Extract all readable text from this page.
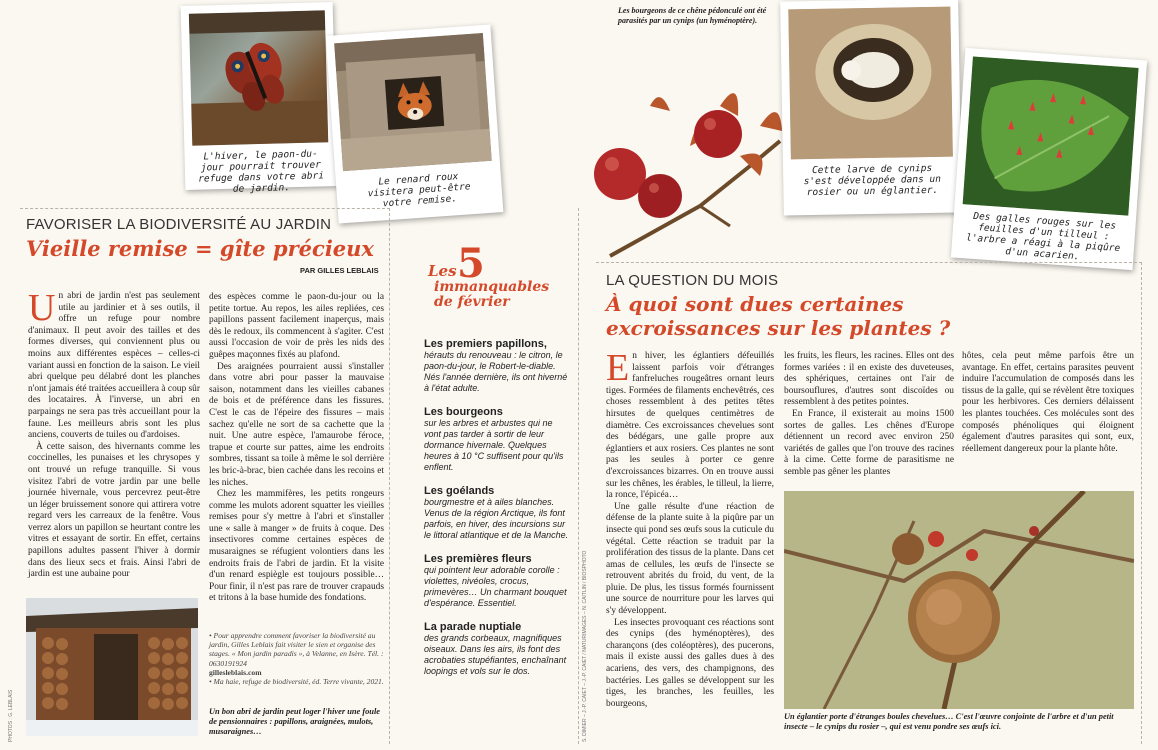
L'hiver, le paon-du-jour pourrait trouver refuge dans votre abri de jardin.
Le renard roux visitera peut-être votre remise.
FAVORISER LA BIODIVERSITÉ AU JARDIN
Vieille remise = gîte précieux
PAR GILLES LEBLAIS

Un abri de jardin n'est pas seulement utile au jardinier et à ses outils, il offre un refuge pour nombre d'animaux. Il peut avoir des tailles et des formes diverses, qui conviennent plus ou moins aux différentes espèces – celles-ci variant aussi en fonction de la saison. Le vieil abri quelque peu délabré dont les planches n'ont jamais été traitées accueillera à coup sûr des locataires. À l'inverse, un abri en parpaings ne sera pas très accueillant pour la faune. Les meilleurs abris sont les plus anciens, couverts de tuiles ou d'ardoises.

À cette saison, des hivernants comme les coccinelles, les punaises et les chrysopes y ont trouvé un refuge tranquille. Si vous visitez l'abri de votre jardin par une belle journée hivernale, vous percevrez peut-être un léger bruissement sonore qui attirera votre regard vers les carreaux de la fenêtre. Vous verrez alors un papillon se heurtant contre les vitres et essayant de sortir. En effet, certains papillons adultes passent l'hiver à dormir dans des lieux secs et frais. Ainsi l'abri de jardin est une aubaine pour

des espèces comme le paon-du-jour ou la petite tortue. Au repos, les ailes repliées, ces papillons passent facilement inaperçus, mais dès le redoux, ils commencent à s'agiter. C'est aussi l'occasion de voir de près les nids des guêpes maçonnes fixés au plafond.

Des araignées pourraient aussi s'installer dans votre abri pour passer la mauvaise saison, notamment dans les vieilles cabanes de bois et de préférence dans les fissures. C'est le cas de l'épeire des fissures – mais sachez qu'elle ne sort de sa cachette que la nuit. Une autre espèce, l'amaurobe féroce, trapue et courte sur pattes, aime les endroits sombres, tissant sa toile à même le sol derrière les bric-à-brac, bien cachée dans les recoins et les niches.

Chez les mammifères, les petits rongeurs comme les mulots adorent squatter les vieilles remises pour s'y mettre à l'abri et s'installer une « salle à manger » de fruits à coque. Des insectivores comme certaines espèces de musaraignes se réfugient volontiers dans les endroits frais de l'abri de jardin. Et la visite d'un renard espiègle est toujours possible… Pour finir, il n'est pas rare de trouver crapauds et tritons à la base humide des fondations.

• Pour apprendre comment favoriser la biodiversité au jardin, Gilles Leblais fait visiter le sien et organise des stages. « Mon jardin paradis », à Velanne, en Isère. Tél. : 0630191924
gillesleblais.com
• Ma haie, refuge de biodiversité, éd. Terre vivante, 2021.
Un bon abri de jardin peut loger l'hiver une foule de pensionnaires : papillons, araignées, mulots, musaraignes…
PHOTOS : G. LEBLAIS
Les 5
immanquables de février
Les premiers papillons,
hérauts du renouveau : le citron, le paon-du-jour, le Robert-le-diable. Nés l'année dernière, ils ont hiverné à l'état adulte.
Les bourgeons
sur les arbres et arbustes qui ne vont pas tarder à sortir de leur dormance hivernale. Quelques heures à 10 °C suffisent pour qu'ils enflent.
Les goélands
bourgmestre et à ailes blanches. Venus de la région Arctique, ils font parfois, en hiver, des incursions sur le littoral atlantique et de la Manche.
Les premières fleurs
qui pointent leur adorable corolle : violettes, nivéoles, crocus, primevères… Un charmant bouquet d'espérance. Essentiel.
La parade nuptiale
des grands corbeaux, magnifiques oiseaux. Dans les airs, ils font des acrobaties stupéfiantes, enchaînant loopings et vols sur le dos.
Les bourgeons de ce chêne pédonculé ont été parasités par un cynips (un hyménoptère).
Cette larve de cynips s'est développée dans un rosier ou un églantier.
Des galles rouges sur les feuilles d'un tilleul : l'arbre a réagi à la piqûre d'un acarien.
LA QUESTION DU MOIS
À quoi sont dues certaines
excroissances sur les plantes ?

En hiver, les églantiers défeuillés laissent parfois voir d'étranges fanfreluches rougeâtres ornant leurs tiges. Formées de filaments enchevêtrés, ces choses ressemblent à des petites têtes hirsutes de quelques centimètres de diamètre. Ces excroissances chevelues sont des bédégars, une galle propre aux églantiers et aux rosiers. Ces plantes ne sont pas les seules à porter ce genre d'excroissances bizarres. On en trouve aussi sur les chênes, les érables, le tilleul, la lierre, la ronce, l'épicéa…

Une galle résulte d'une réaction de défense de la plante suite à la piqûre par un insecte qui pond ses œufs sous la cuticule du végétal. Cette réaction se traduit par la prolifération des tissus de la plante. Dans cet amas de cellules, les œufs de l'insecte se retrouvent abrités du froid, du vent, de la pluie. De plus, les tissus formés fournissent une source de nourriture pour les larves qui s'y développent.

Les insectes provoquant ces réactions sont des cynips (des hyménoptères), des charançons (des coléoptères), des pucerons, mais il existe aussi des galles dues à des acariens, des vers, des champignons, des bactéries. Les galles se développent sur les tiges, les branches, les feuilles, les bourgeons,

les fruits, les fleurs, les racines. Elles ont des formes variées : il en existe des duveteuses, des sphériques, certaines ont l'air de boursouflures, d'autres sont discoïdes ou ressemblent à des petites pointes.

En France, il existerait au moins 1500 sortes de galles. Les chênes d'Europe détiennent un record avec environ 250 variétés de galles que l'on trouve des racines à la cime. Cette forme de parasitisme ne semble pas gêner les plantes

hôtes, cela peut même parfois être un avantage. En effet, certains parasites peuvent induire l'accumulation de composés dans les tissus de la galle, qui se révèlent être toxiques pour les herbivores. Ces derniers délaissent les plantes touchées. Ces molécules sont des composés phénoliques qui éloignent également d'autres parasites qui sont, eux, réellement dangereux pour la plante hôte.

Un églantier porte d'étranges boules chevelues… C'est l'œuvre conjointe de l'arbre et d'un petit insecte – le cynips du rosier –, qui est venu pondre ses œufs ici.
S. DIMIER – J.-P. CAIET – J.-P. CAIET / NATURIMAGES – N. CAITLIN / BIOSPHOTO
